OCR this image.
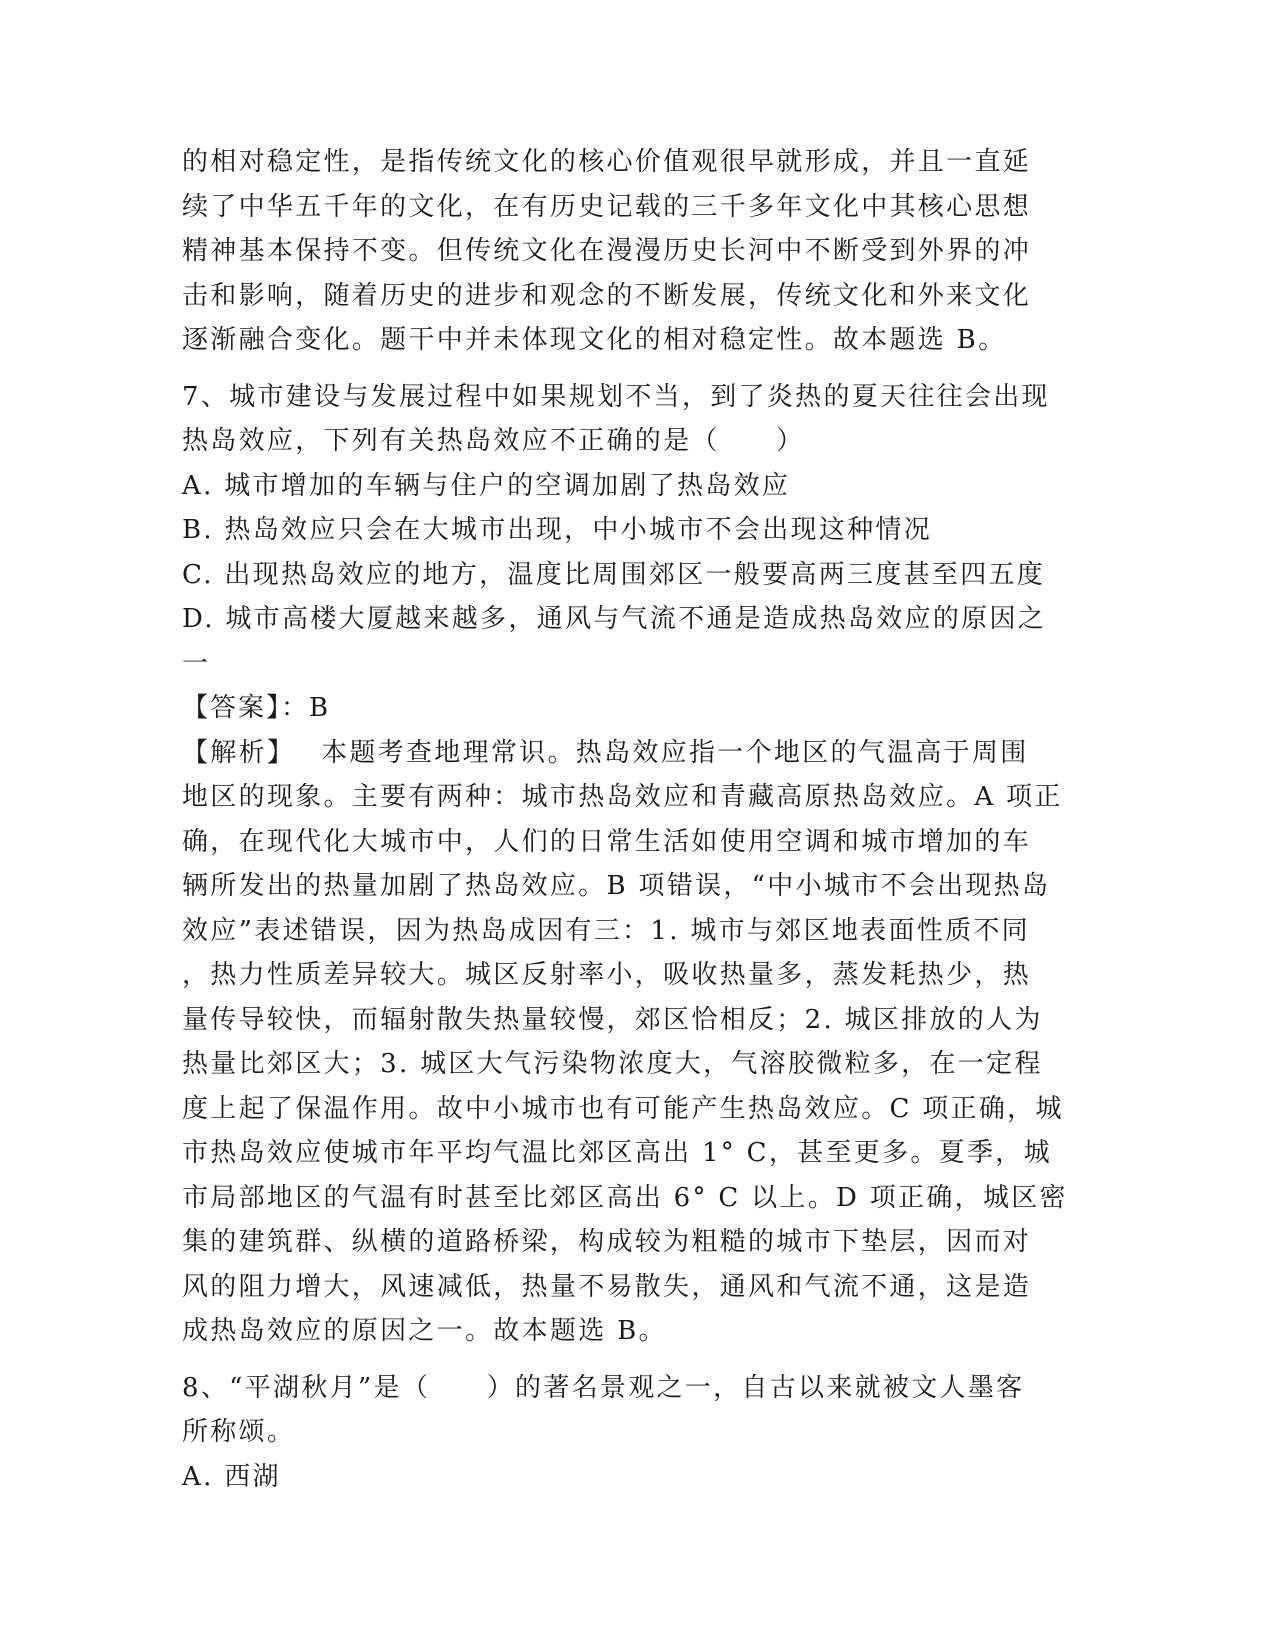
的相对稳定性，是指传统文化的核心价值观很早就形成，并且一直延

续了中华五千年的文化，在有历史记载的三千多年文化中其核心思想

精神基本保持不变。但传统文化在漫漫历史长河中不断受到外界的冲

击和影响，随着历史的进步和观念的不断发展，传统文化和外来文化

逐渐融合变化。题干中并未体现文化的相对稳定性。故本题选 B。

7、城市建设与发展过程中如果规划不当，到了炎热的夏天往往会出现

热岛效应，下列有关热岛效应不正确的是（　　）

A. 城市增加的车辆与住户的空调加剧了热岛效应

B. 热岛效应只会在大城市出现，中小城市不会出现这种情况

C. 出现热岛效应的地方，温度比周围郊区一般要高两三度甚至四五度

D. 城市高楼大厦越来越多，通风与气流不通是造成热岛效应的原因之

一

【答案】：B

【解析】　 本题考查地理常识。热岛效应指一个地区的气温高于周围

地区的现象。主要有两种：城市热岛效应和青藏高原热岛效应。A 项正

确，在现代化大城市中，人们的日常生活如使用空调和城市增加的车

辆所发出的热量加剧了热岛效应。B 项错误，“中小城市不会出现热岛

效应”表述错误，因为热岛成因有三：1. 城市与郊区地表面性质不同

，热力性质差异较大。城区反射率小，吸收热量多，蒸发耗热少，热

量传导较快，而辐射散失热量较慢，郊区恰相反；2. 城区排放的人为

热量比郊区大；3. 城区大气污染物浓度大，气溶胶微粒多，在一定程

度上起了保温作用。故中小城市也有可能产生热岛效应。C 项正确，城

市热岛效应使城市年平均气温比郊区高出 1° C，甚至更多。夏季，城

市局部地区的气温有时甚至比郊区高出 6° C 以上。D 项正确，城区密

集的建筑群、纵横的道路桥梁，构成较为粗糙的城市下垫层，因而对

风的阻力增大，风速减低，热量不易散失，通风和气流不通，这是造

成热岛效应的原因之一。故本题选 B。

8、“平湖秋月”是（　　）的著名景观之一，自古以来就被文人墨客

所称颂。

A. 西湖
